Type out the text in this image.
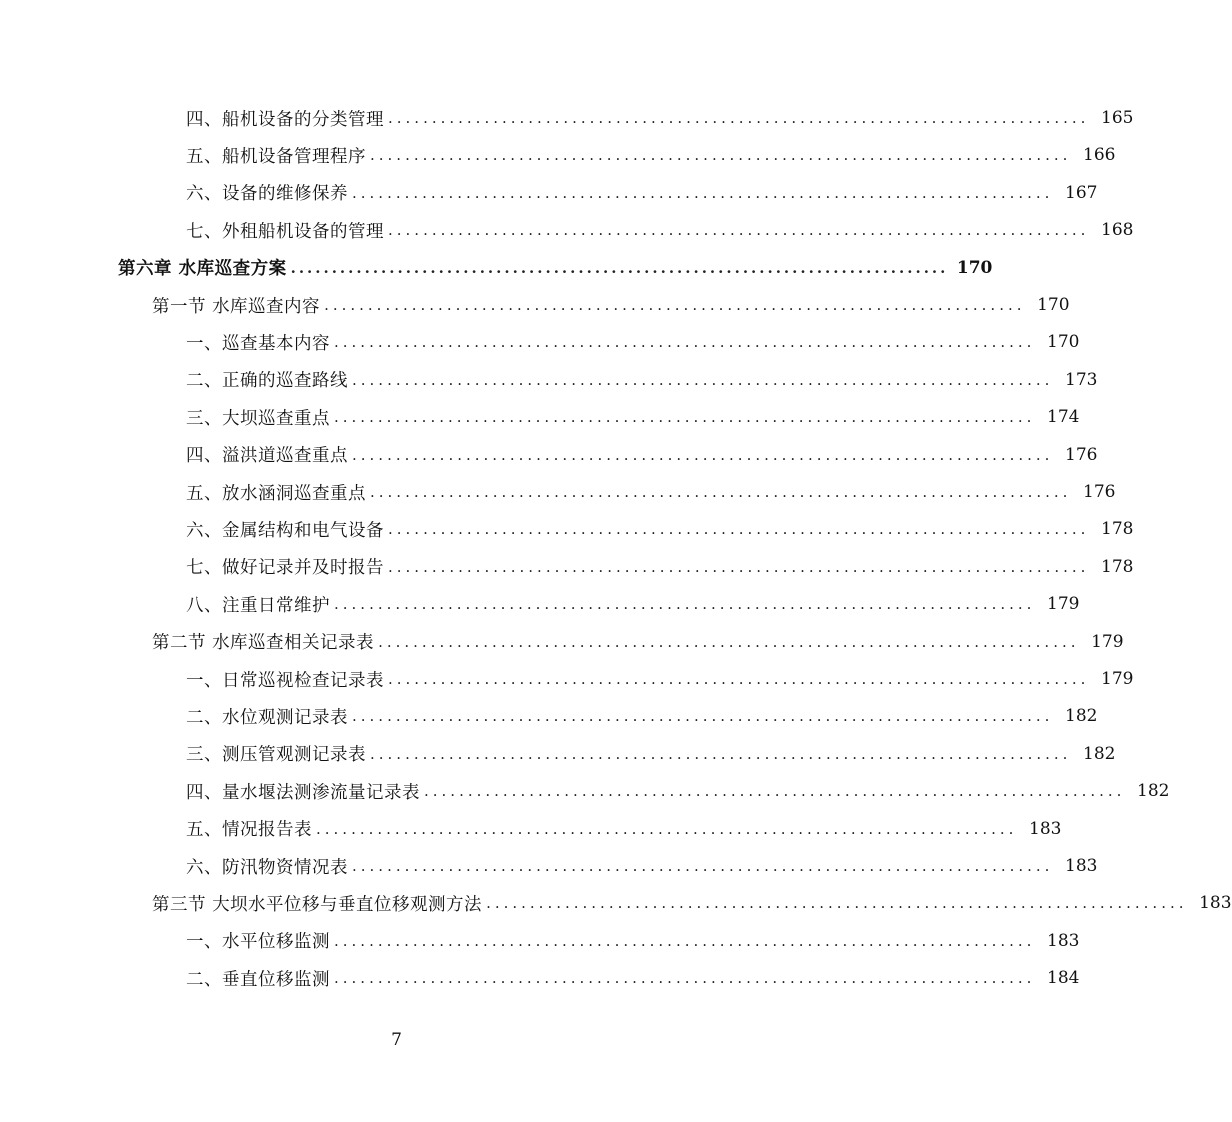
四、船机设备的分类管理 ................................................................................ 165
五、船机设备管理程序 ................................................................................ 166
六、设备的维修保养 ................................................................................ 167
七、外租船机设备的管理 ................................................................................ 168
第六章 水库巡查方案 ................................................................................ 170
第一节 水库巡查内容 ................................................................................ 170
一、巡查基本内容 ................................................................................ 170
二、正确的巡查路线 ................................................................................ 173
三、大坝巡查重点 ................................................................................ 174
四、溢洪道巡查重点 ................................................................................ 176
五、放水涵洞巡查重点 ................................................................................ 176
六、金属结构和电气设备 ................................................................................ 178
七、做好记录并及时报告 ................................................................................ 178
八、注重日常维护 ................................................................................ 179
第二节 水库巡查相关记录表 ................................................................................ 179
一、日常巡视检查记录表 ................................................................................ 179
二、水位观测记录表 ................................................................................ 182
三、测压管观测记录表 ................................................................................ 182
四、量水堰法测渗流量记录表 ................................................................................ 182
五、情况报告表 ................................................................................ 183
六、防汛物资情况表 ................................................................................ 183
第三节 大坝水平位移与垂直位移观测方法 ................................................................................ 183
一、水平位移监测 ................................................................................ 183
二、垂直位移监测 ................................................................................ 184
7
